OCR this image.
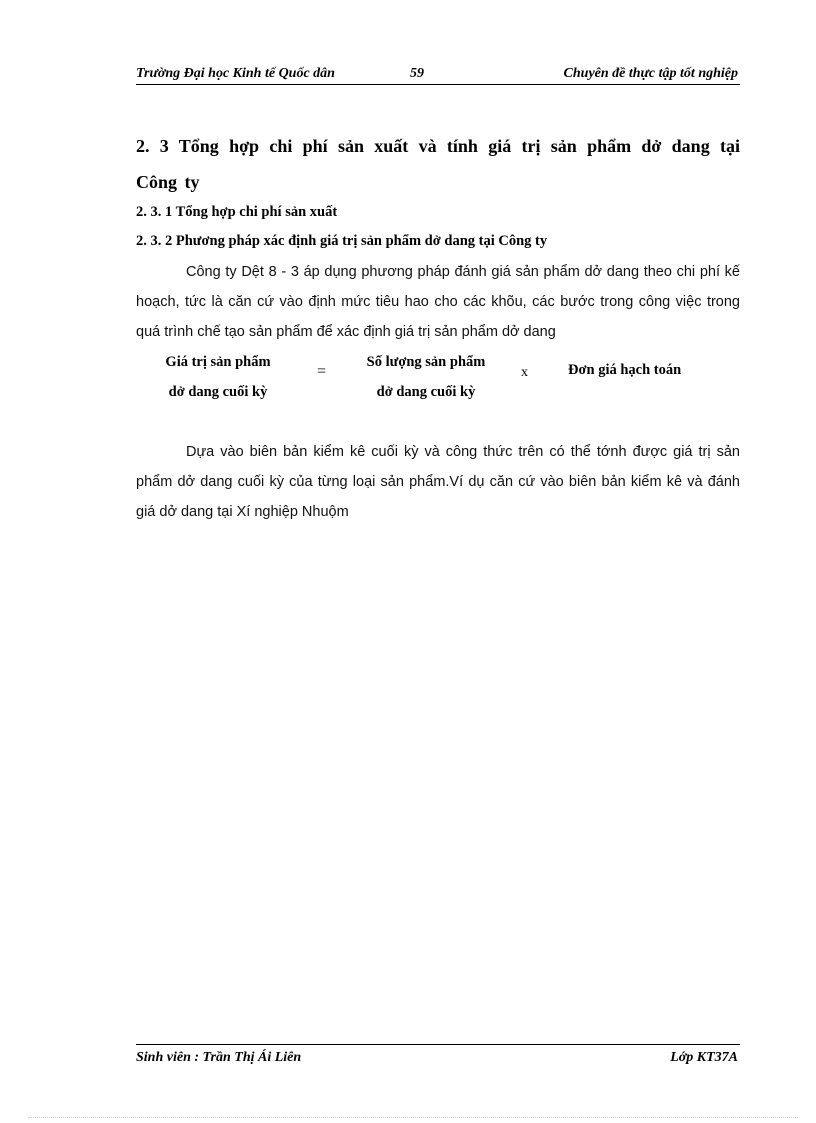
Trường Đại học Kinh tế Quốc dân	59	Chuyên đề thực tập tốt nghiệp
2. 3 Tổng hợp chi phí sản xuất và tính giá trị sản phẩm dở dang tại Công ty
2. 3. 1 Tổng hợp chi phí sản xuất
2. 3. 2 Phương pháp xác định giá trị sản phẩm dở dang tại Công ty

Công ty Dệt 8 - 3 áp dụng phương pháp đánh giá sản phẩm dở dang theo chi phí kế hoạch, tức là căn cứ vào định mức tiêu hao cho các khõu, các bước trong công việc trong quá trình chế tạo sản phẩm để xác định giá trị sản phẩm dở dang

Giá trị sản phẩm
dở dang cuối kỳ
=
Số lượng sản phẩm
dở dang cuối kỳ
x	Đơn giá hạch toán

Dựa vào biên bản kiểm kê cuối kỳ và công thức trên có thể tớnh được giá trị sản phẩm dở dang cuối kỳ của từng loại sản phẩm.Ví dụ căn cứ vào biên bản kiểm kê và đánh giá dở dang tại Xí nghiệp Nhuộm

Sinh viên : Trần Thị Ái Liên	Lớp KT37A
